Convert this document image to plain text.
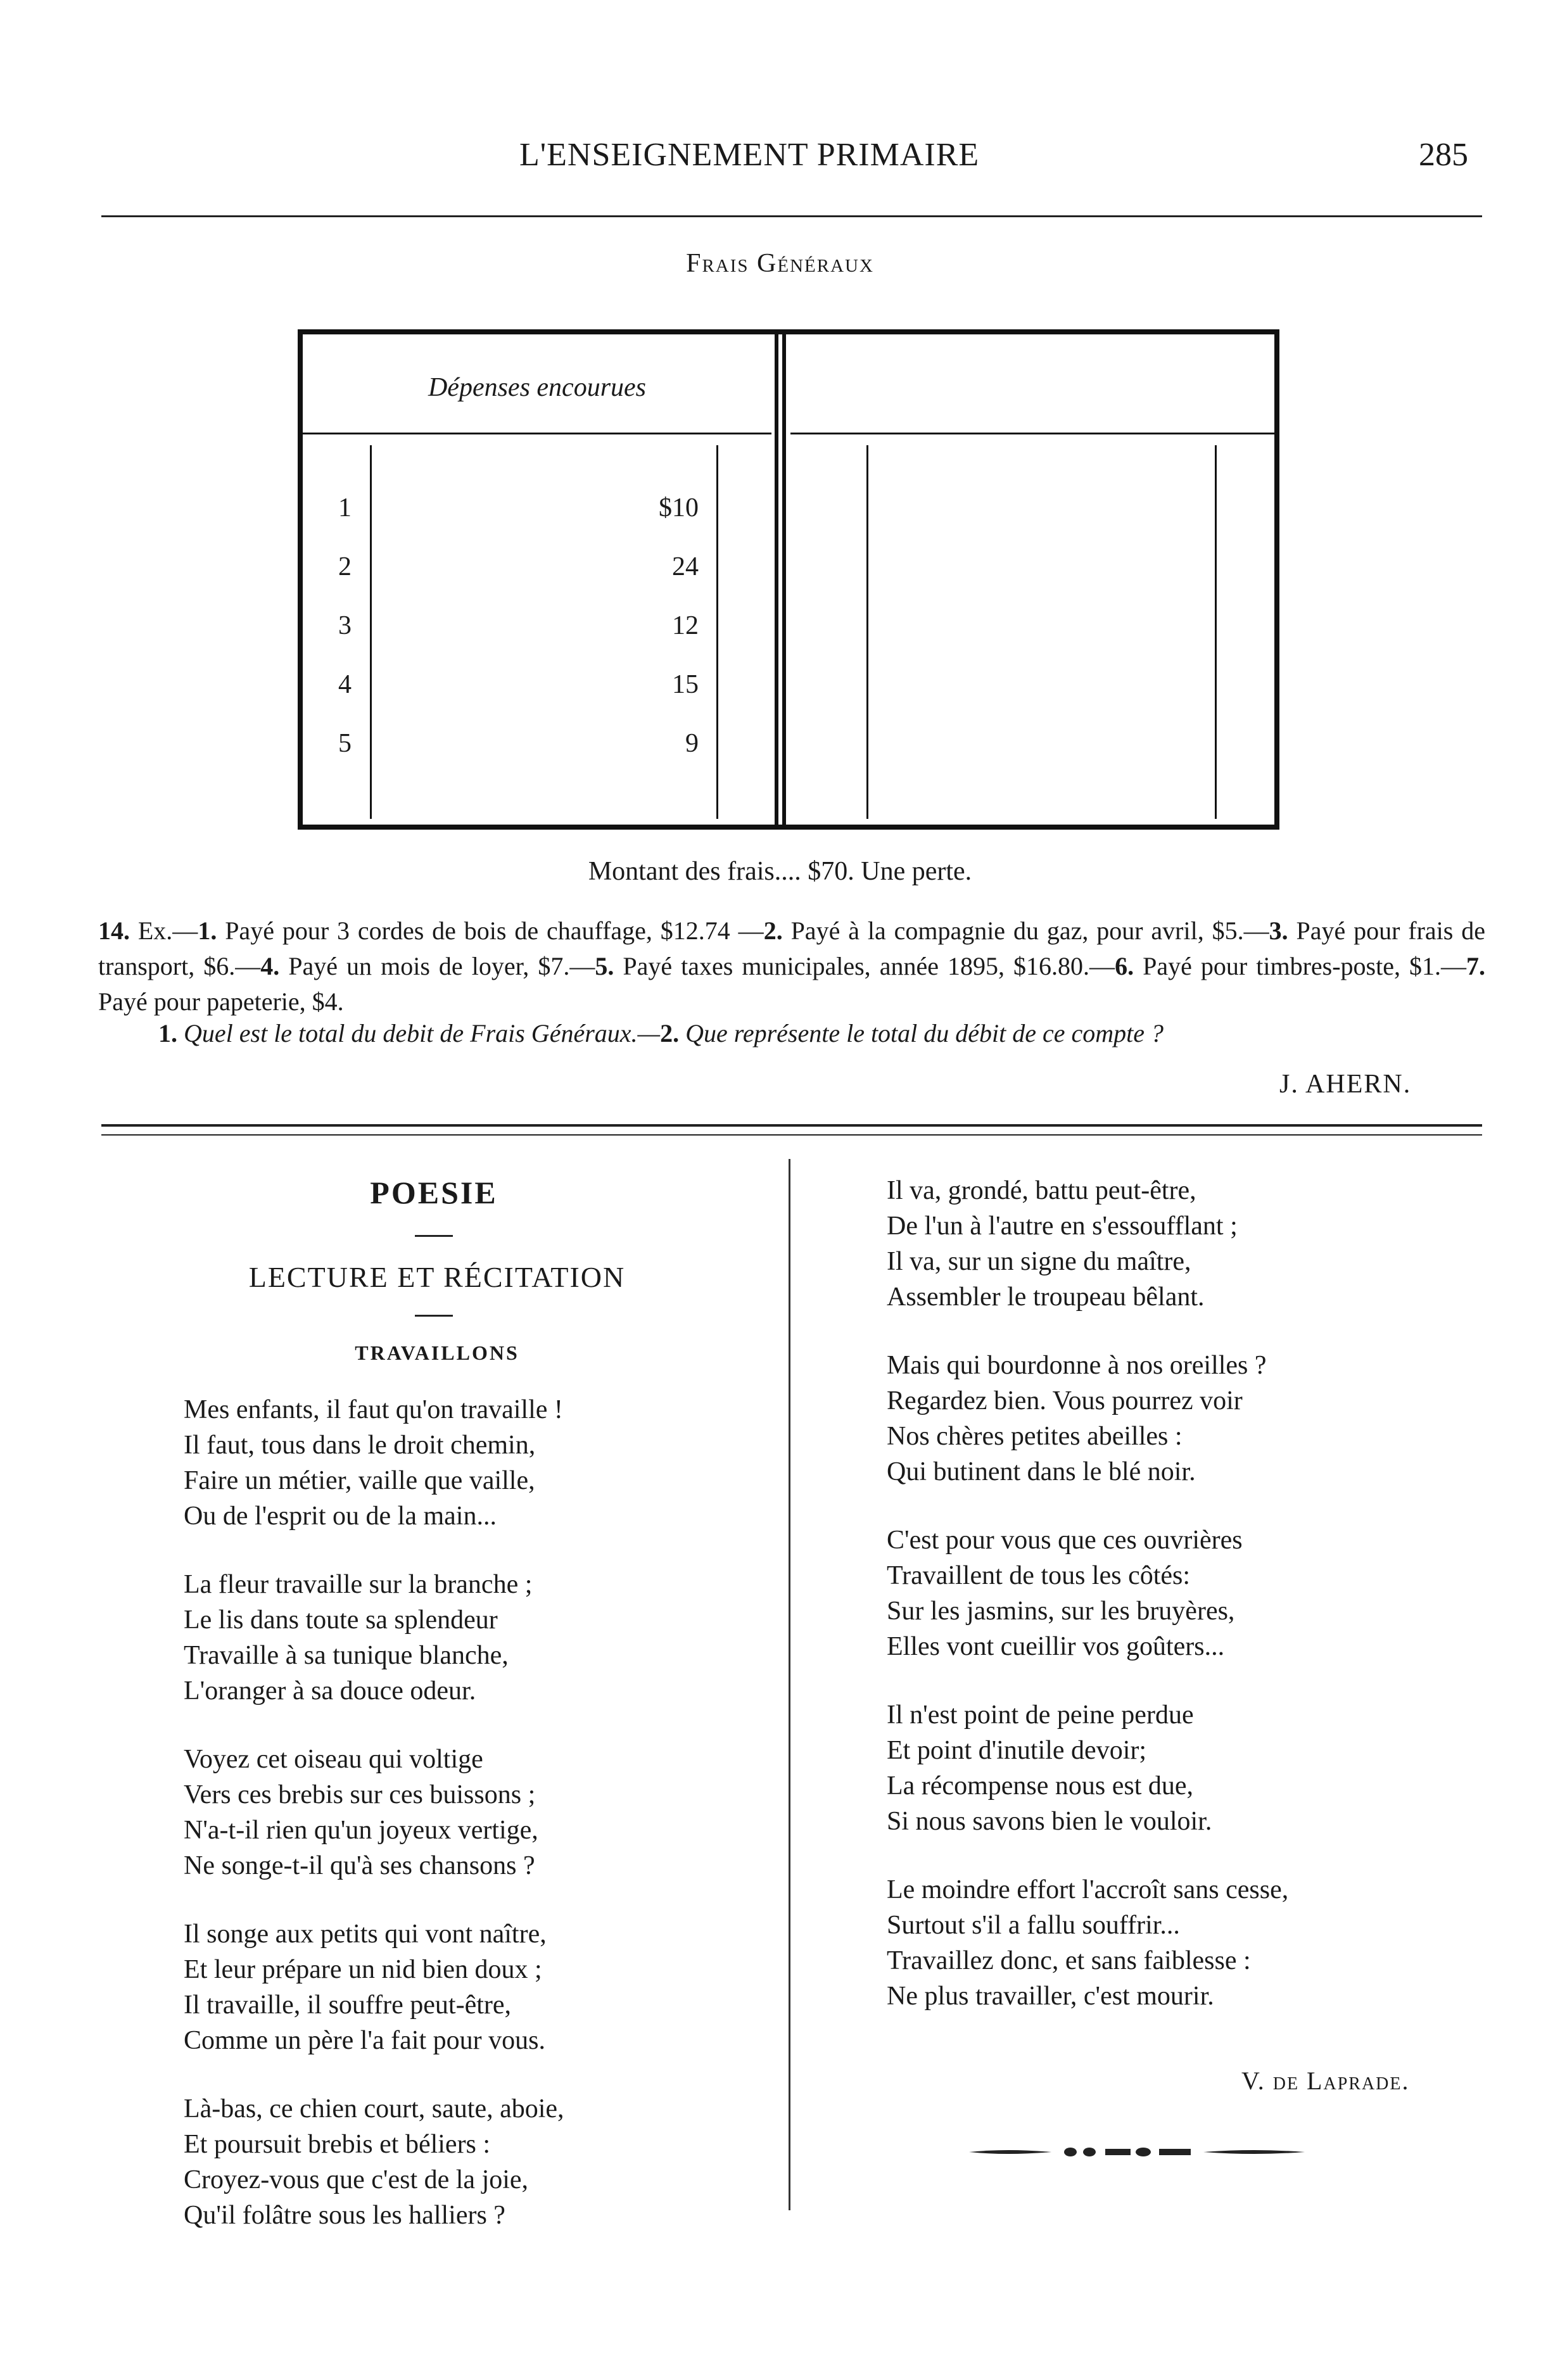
L'ENSEIGNEMENT PRIMAIRE	285
Frais Généraux
Dépenses encourues
1	$10
2	24
3	12
4	15
5	9
Montant des frais.... $70. Une perte.
14. Ex.—1. Payé pour 3 cordes de bois de chauffage, $12.74 —2. Payé à la compagnie du gaz, pour avril, $5.—3. Payé pour frais de transport, $6.—4. Payé un mois de loyer, $7.—5. Payé taxes municipales, année 1895, $16.80.—6. Payé pour timbres-poste, $1.—7. Payé pour papeterie, $4.
1. Quel est le total du debit de Frais Généraux.—2. Que représente le total du débit de ce compte ?
J. AHERN.
POESIE
LECTURE ET RÉCITATION
TRAVAILLONS
Mes enfants, il faut qu'on travaille !
Il faut, tous dans le droit chemin,
Faire un métier, vaille que vaille,
Ou de l'esprit ou de la main...
La fleur travaille sur la branche ;
Le lis dans toute sa splendeur
Travaille à sa tunique blanche,
L'oranger à sa douce odeur.
Voyez cet oiseau qui voltige
Vers ces brebis sur ces buissons ;
N'a-t-il rien qu'un joyeux vertige,
Ne songe-t-il qu'à ses chansons ?
Il songe aux petits qui vont naître,
Et leur prépare un nid bien doux ;
Il travaille, il souffre peut-être,
Comme un père l'a fait pour vous.
Là-bas, ce chien court, saute, aboie,
Et poursuit brebis et béliers :
Croyez-vous que c'est de la joie,
Qu'il folâtre sous les halliers ?
Il va, grondé, battu peut-être,
De l'un à l'autre en s'essoufflant ;
Il va, sur un signe du maître,
Assembler le troupeau bêlant.
Mais qui bourdonne à nos oreilles ?
Regardez bien. Vous pourrez voir
Nos chères petites abeilles :
Qui butinent dans le blé noir.
C'est pour vous que ces ouvrières
Travaillent de tous les côtés:
Sur les jasmins, sur les bruyères,
Elles vont cueillir vos goûters...
Il n'est point de peine perdue
Et point d'inutile devoir;
La récompense nous est due,
Si nous savons bien le vouloir.
Le moindre effort l'accroît sans cesse,
Surtout s'il a fallu souffrir...
Travaillez donc, et sans faiblesse :
Ne plus travailler, c'est mourir.
V. de Laprade.
